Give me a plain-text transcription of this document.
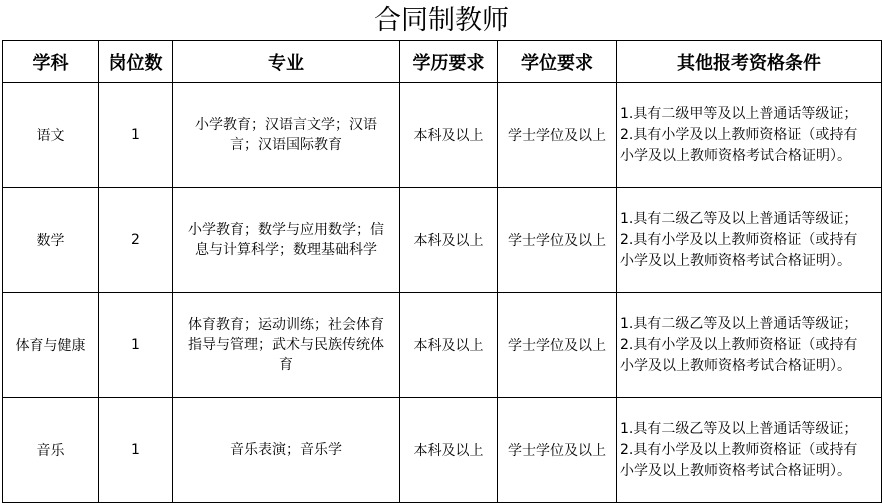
合同制教师
学科	岗位数	专业	学历要求	学位要求	其他报考资格条件
语文	1	小学教育；汉语言文学；汉语言；汉语国际教育	本科及以上	学士学位及以上	1.具有二级甲等及以上普通话等级证；
2.具有小学及以上教师资格证（或持有
小学及以上教师资格考试合格证明）。

数学	2	小学教育；数学与应用数学；信息与计算科学；数理基础科学	本科及以上	学士学位及以上	1.具有二级乙等及以上普通话等级证；
2.具有小学及以上教师资格证（或持有
小学及以上教师资格考试合格证明）。

体育与健康	1	体育教育；运动训练；社会体育指导与管理；武术与民族传统体育	本科及以上	学士学位及以上	1.具有二级乙等及以上普通话等级证；
2.具有小学及以上教师资格证（或持有
小学及以上教师资格考试合格证明）。

音乐	1	音乐表演；音乐学	本科及以上	学士学位及以上	1.具有二级乙等及以上普通话等级证；
2.具有小学及以上教师资格证（或持有
小学及以上教师资格考试合格证明）。
